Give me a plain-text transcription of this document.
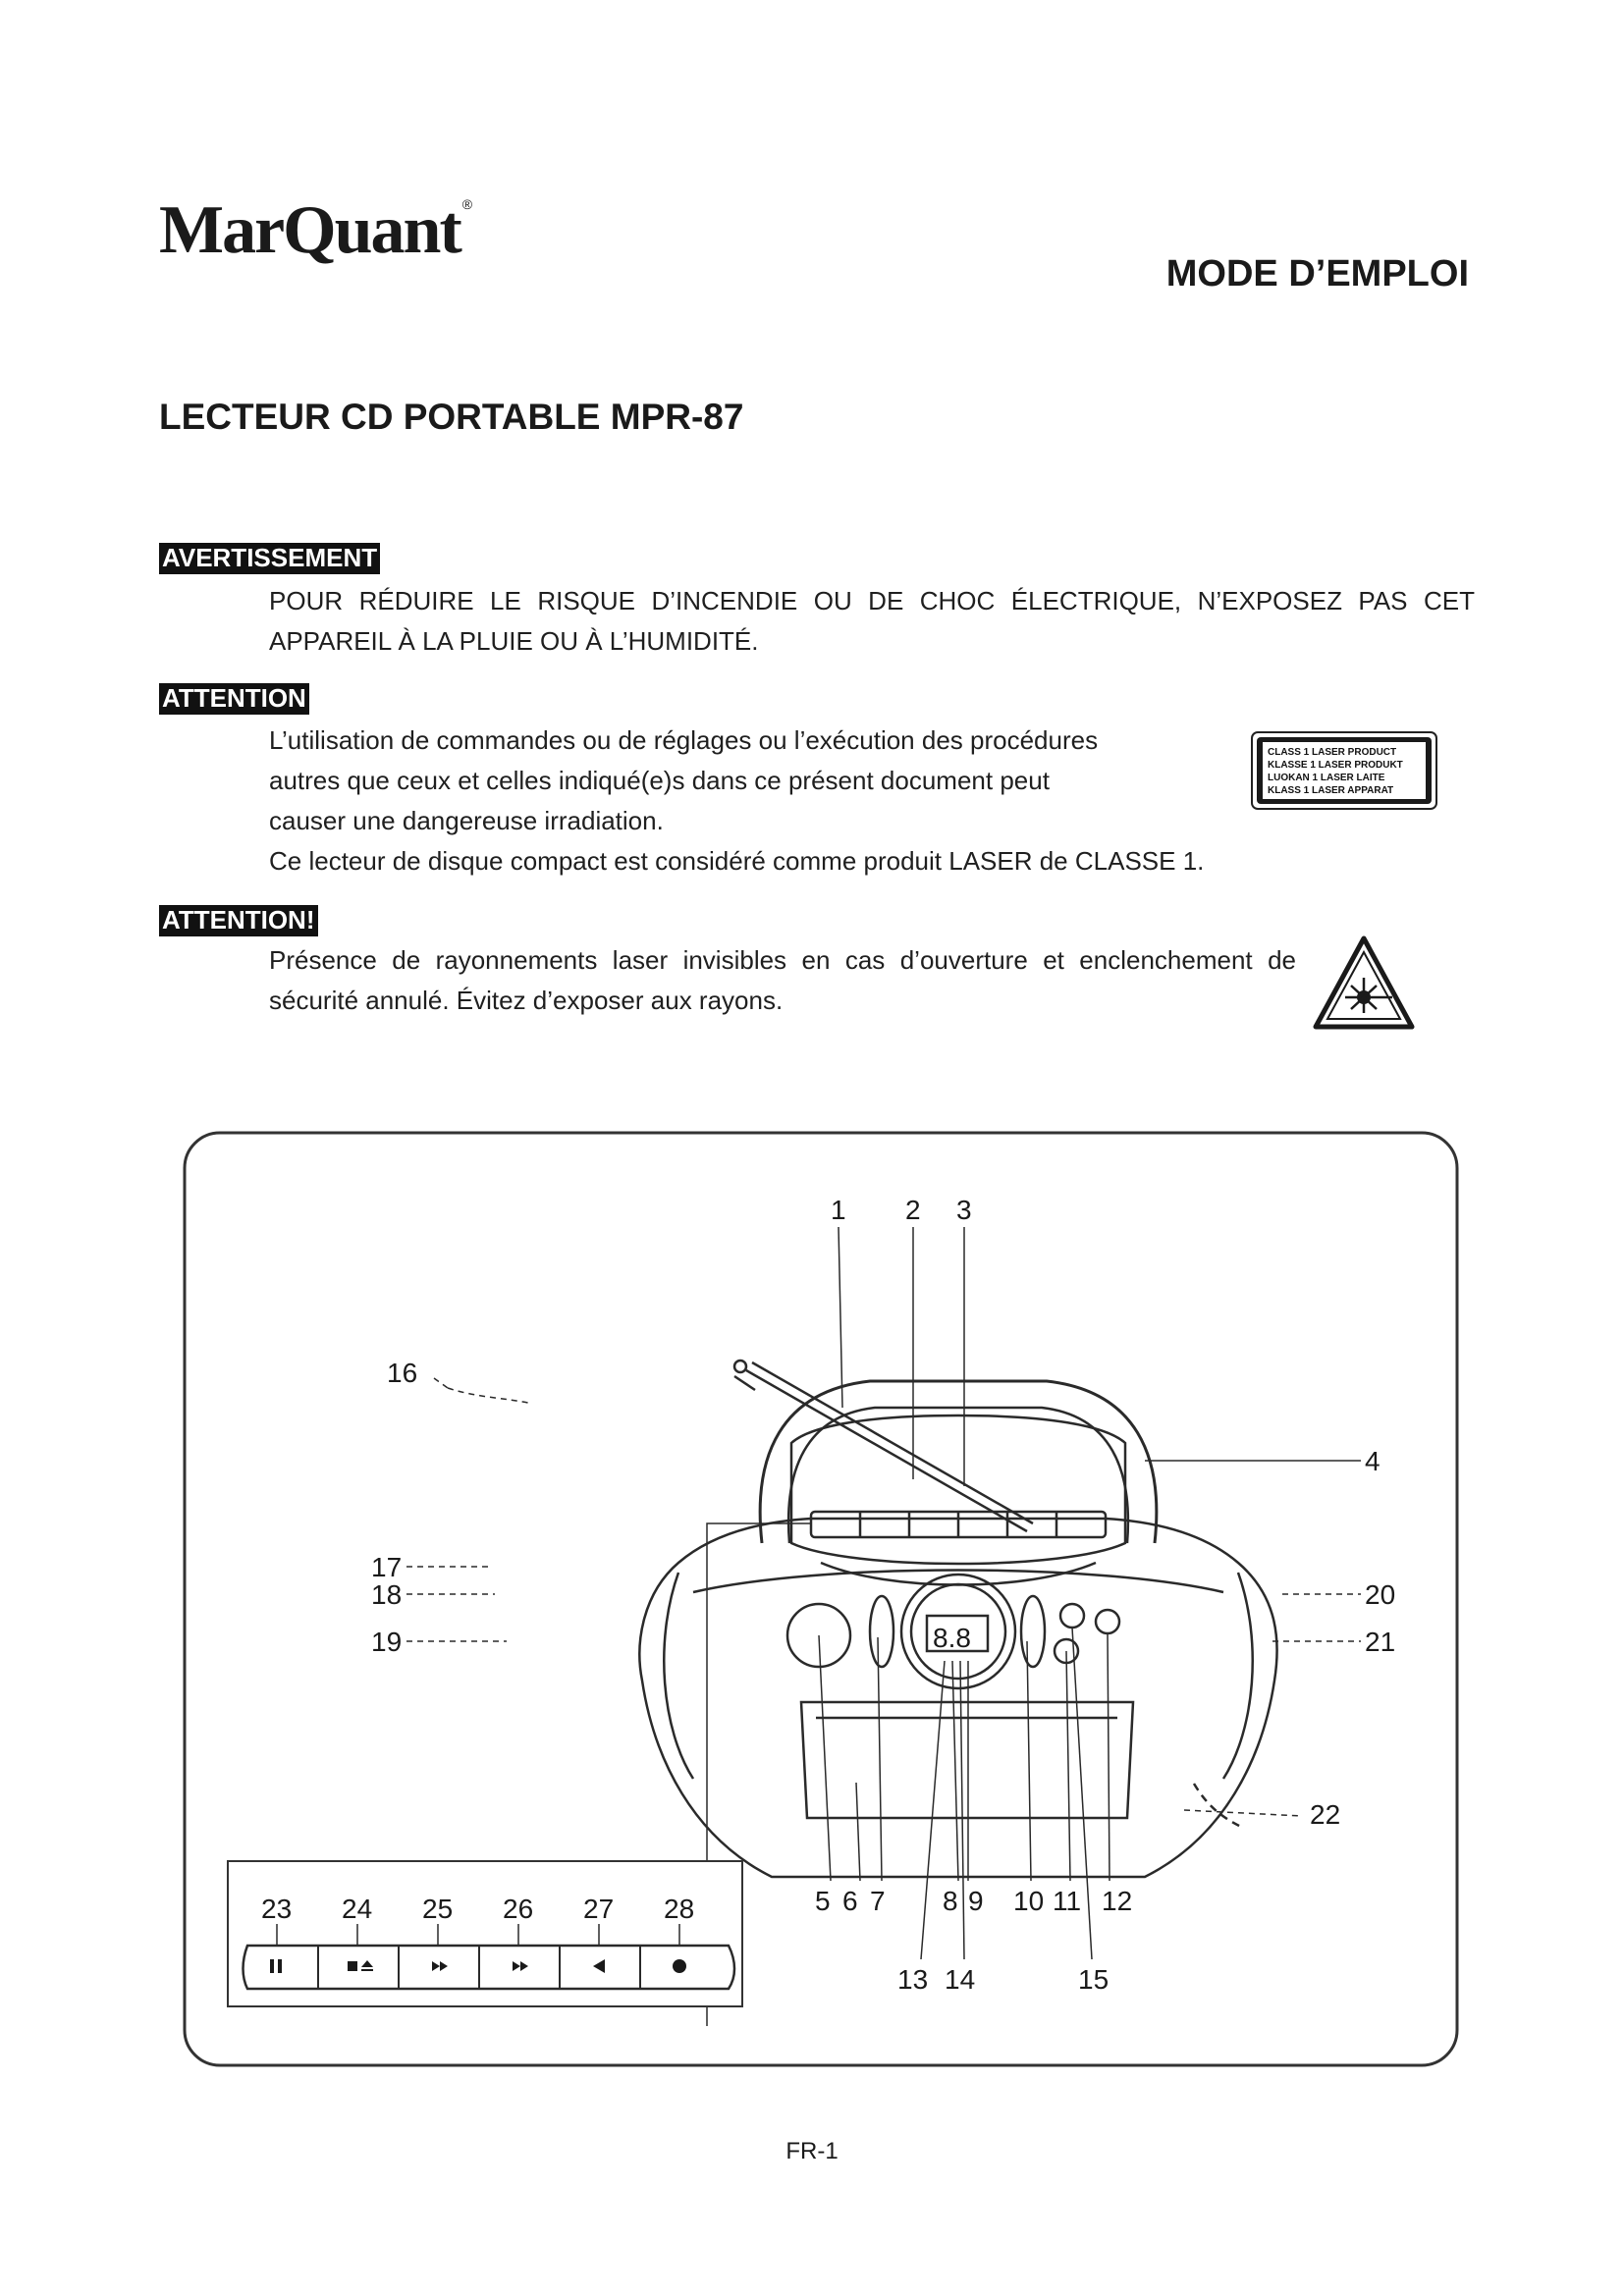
MarQuant ®
MODE D’EMPLOI
LECTEUR CD PORTABLE MPR-87
AVERTISSEMENT
POUR RÉDUIRE LE RISQUE D’INCENDIE OU DE CHOC ÉLECTRIQUE, N’EXPOSEZ PAS CET APPAREIL À LA PLUIE OU À L’HUMIDITÉ.
ATTENTION

L’utilisation de commandes ou de réglages ou l’exécution des procédures

autres que ceux et celles indiqué(e)s dans ce présent document peut

causer une dangereuse irradiation.

Ce lecteur de disque compact est considéré comme produit LASER de CLASSE 1.

CLASS 1 LASER PRODUCT
KLASSE 1 LASER PRODUKT
LUOKAN 1 LASER LAITE
KLASS 1 LASER APPARAT
ATTENTION!
Présence de rayonnements laser invisibles en cas d’ouverture et enclenchement de sécurité annulé. Évitez d’exposer aux rayons.
8.8
1 2 3
4
5 6 7 8 9 10 11 12
13 14	15
16
17
18
19
20
21
22
23 24 25 26 27 28
FR-1
